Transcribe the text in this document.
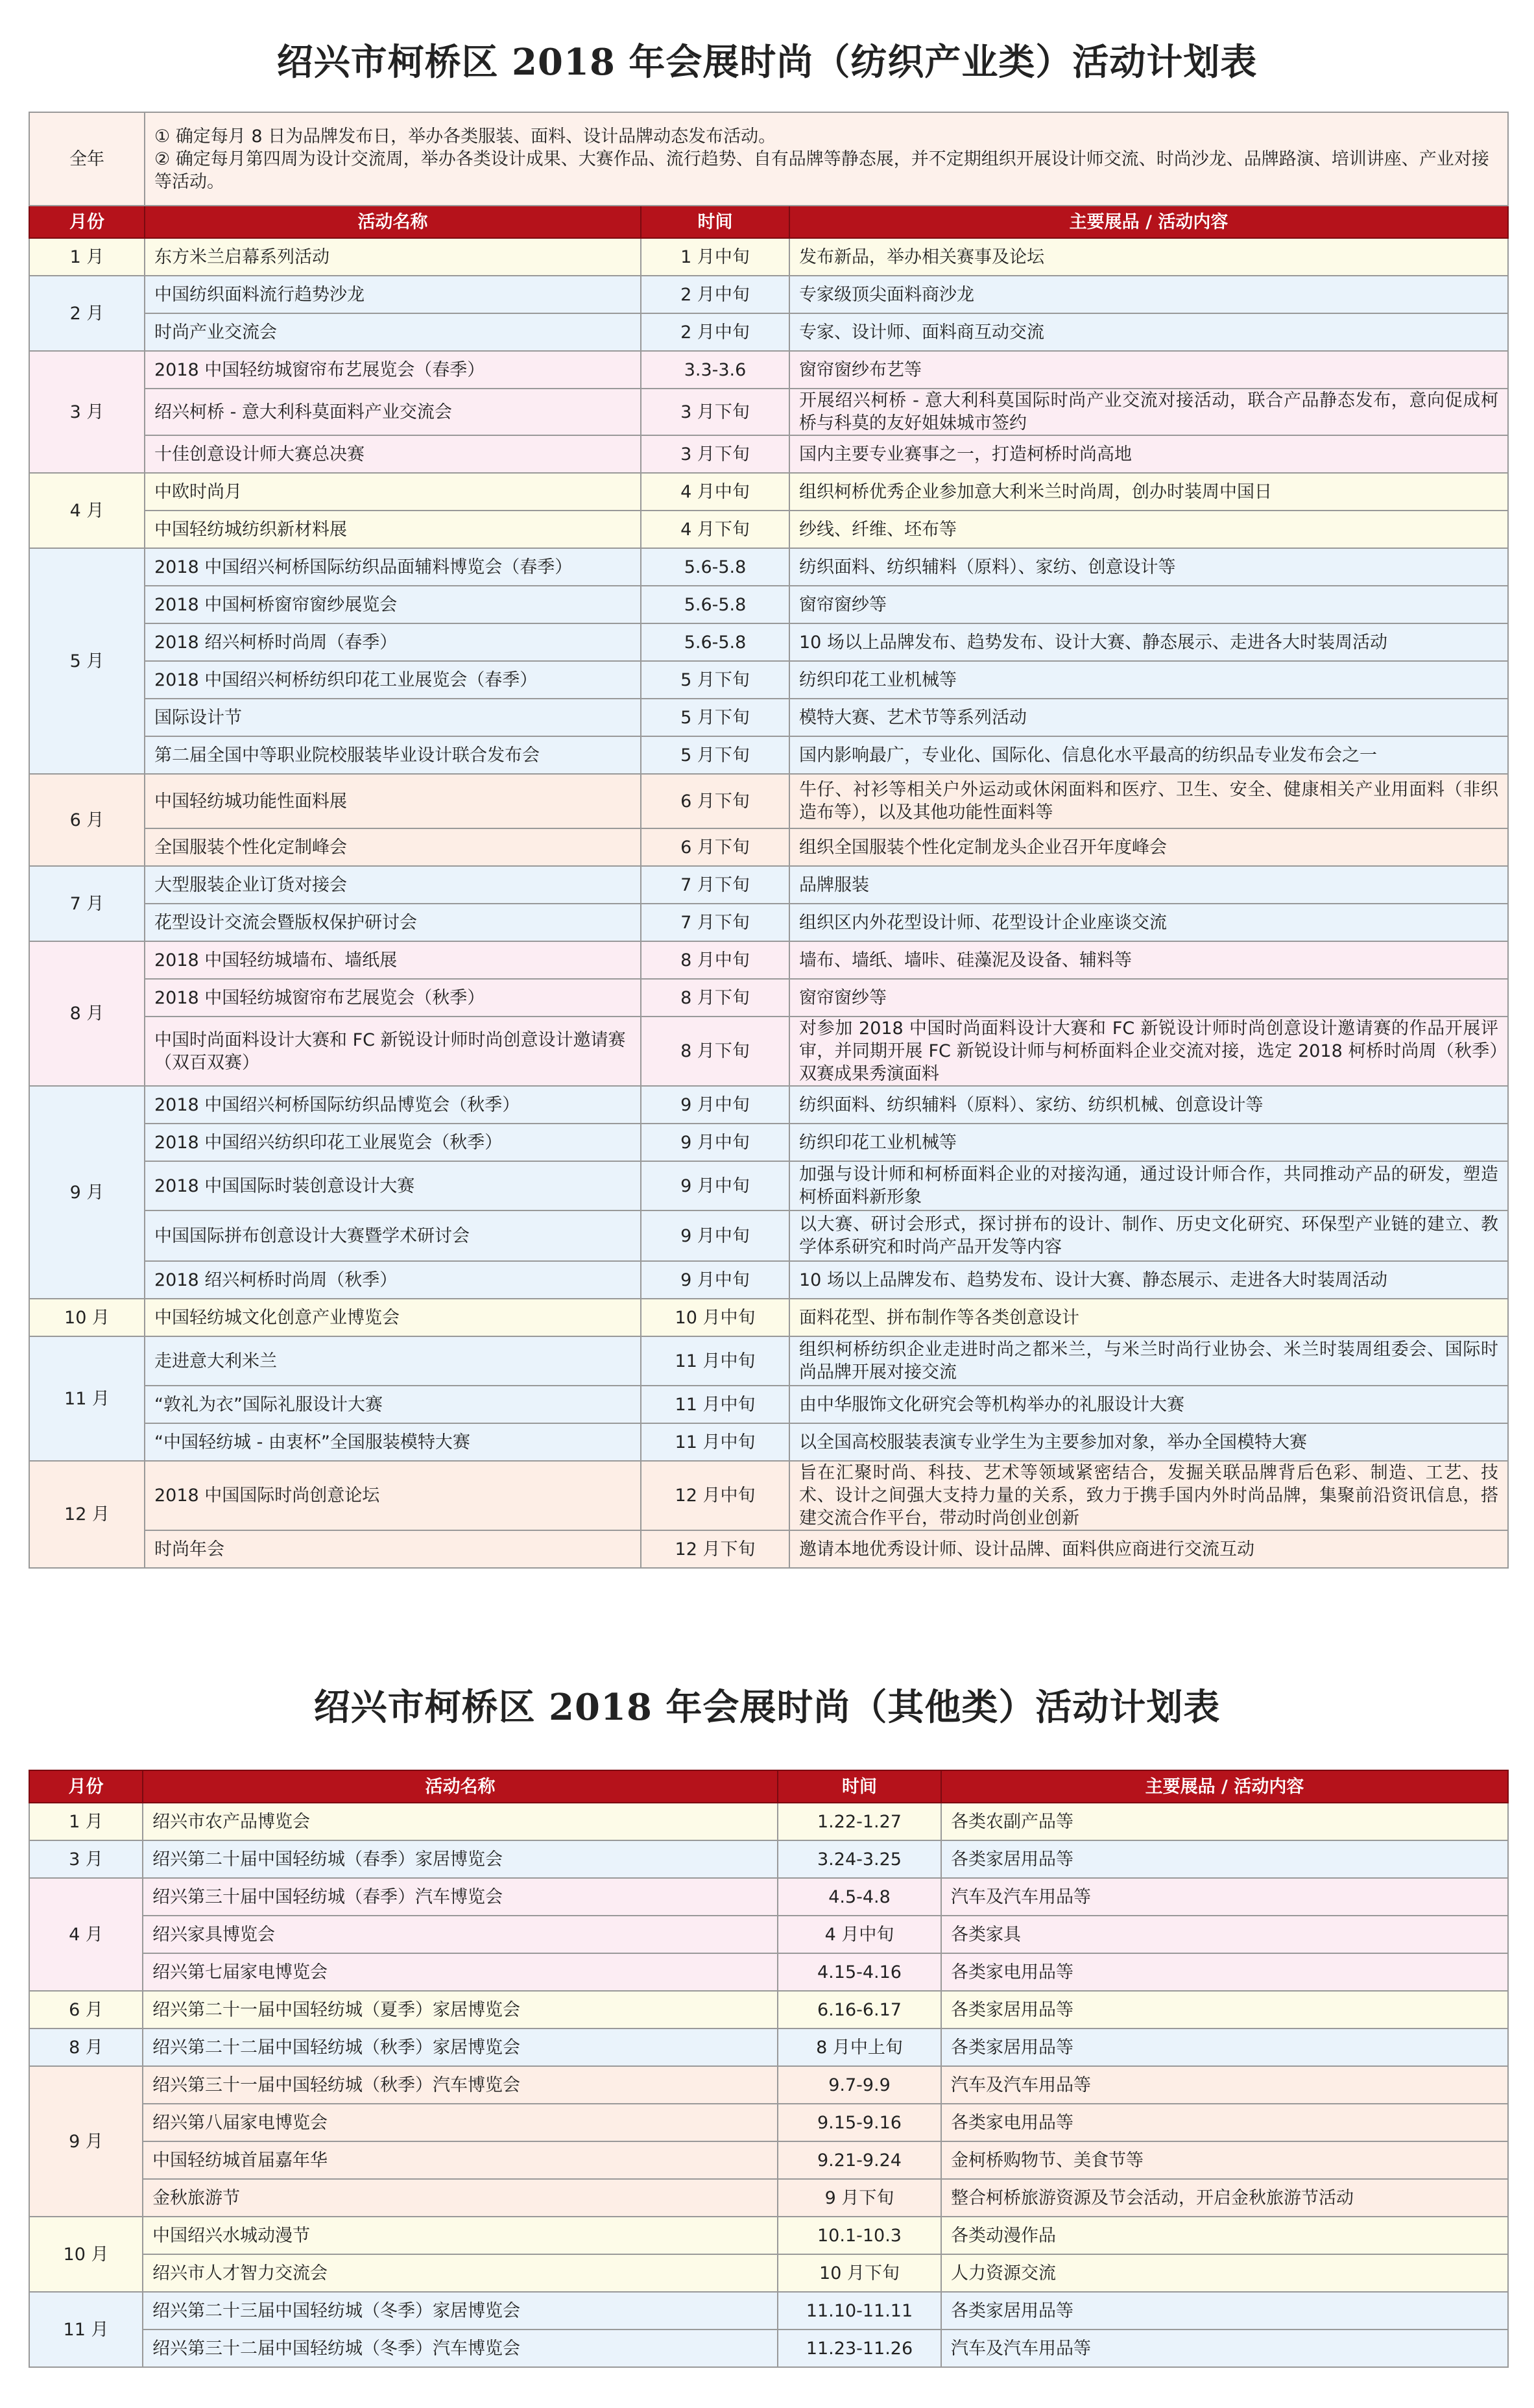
绍兴市柯桥区 2018 年会展时尚（纺织产业类）活动计划表
全年	① 确定每月 8 日为品牌发布日，举办各类服装、面料、设计品牌动态发布活动。
② 确定每月第四周为设计交流周，举办各类设计成果、大赛作品、流行趋势、自有品牌等静态展，并不定期组织开展设计师交流、时尚沙龙、品牌路演、培训讲座、产业对接等活动。		

月份	活动名称	时间	主要展品 / 活动内容
1 月	东方米兰启幕系列活动	1 月中旬	发布新品，举办相关赛事及论坛
2 月	中国纺织面料流行趋势沙龙	2 月中旬	专家级顶尖面料商沙龙
	时尚产业交流会	2 月中旬	专家、设计师、面料商互动交流
3 月	2018 中国轻纺城窗帘布艺展览会（春季）	3.3-3.6	窗帘窗纱布艺等
	绍兴柯桥 - 意大利科莫面料产业交流会	3 月下旬	开展绍兴柯桥 - 意大利科莫国际时尚产业交流对接活动，联合产品静态发布，意向促成柯桥与科莫的友好姐妹城市签约
	十佳创意设计师大赛总决赛	3 月下旬	国内主要专业赛事之一，打造柯桥时尚高地
4 月	中欧时尚月	4 月中旬	组织柯桥优秀企业参加意大利米兰时尚周，创办时装周中国日
	中国轻纺城纺织新材料展	4 月下旬	纱线、纤维、坯布等
5 月	2018 中国绍兴柯桥国际纺织品面辅料博览会（春季）	5.6-5.8	纺织面料、纺织辅料（原料）、家纺、创意设计等
	2018 中国柯桥窗帘窗纱展览会	5.6-5.8	窗帘窗纱等
	2018 绍兴柯桥时尚周（春季）	5.6-5.8	10 场以上品牌发布、趋势发布、设计大赛、静态展示、走进各大时装周活动
	2018 中国绍兴柯桥纺织印花工业展览会（春季）	5 月下旬	纺织印花工业机械等
	国际设计节	5 月下旬	模特大赛、艺术节等系列活动
	第二届全国中等职业院校服装毕业设计联合发布会	5 月下旬	国内影响最广，专业化、国际化、信息化水平最高的纺织品专业发布会之一
6 月	中国轻纺城功能性面料展	6 月下旬	牛仔、衬衫等相关户外运动或休闲面料和医疗、卫生、安全、健康相关产业用面料（非织造布等），以及其他功能性面料等
	全国服装个性化定制峰会	6 月下旬	组织全国服装个性化定制龙头企业召开年度峰会
7 月	大型服装企业订货对接会	7 月下旬	品牌服装
	花型设计交流会暨版权保护研讨会	7 月下旬	组织区内外花型设计师、花型设计企业座谈交流
8 月	2018 中国轻纺城墙布、墙纸展	8 月中旬	墙布、墙纸、墙咔、硅藻泥及设备、辅料等
	2018 中国轻纺城窗帘布艺展览会（秋季）	8 月下旬	窗帘窗纱等
	中国时尚面料设计大赛和 FC 新锐设计师时尚创意设计邀请赛（双百双赛）	8 月下旬	对参加 2018 中国时尚面料设计大赛和 FC 新锐设计师时尚创意设计邀请赛的作品开展评审，并同期开展 FC 新锐设计师与柯桥面料企业交流对接，选定 2018 柯桥时尚周（秋季）双赛成果秀演面料
9 月	2018 中国绍兴柯桥国际纺织品博览会（秋季）	9 月中旬	纺织面料、纺织辅料（原料）、家纺、纺织机械、创意设计等
	2018 中国绍兴纺织印花工业展览会（秋季）	9 月中旬	纺织印花工业机械等
	2018 中国国际时装创意设计大赛	9 月中旬	加强与设计师和柯桥面料企业的对接沟通，通过设计师合作，共同推动产品的研发，塑造柯桥面料新形象
	中国国际拼布创意设计大赛暨学术研讨会	9 月中旬	以大赛、研讨会形式，探讨拼布的设计、制作、历史文化研究、环保型产业链的建立、教学体系研究和时尚产品开发等内容
	2018 绍兴柯桥时尚周（秋季）	9 月中旬	10 场以上品牌发布、趋势发布、设计大赛、静态展示、走进各大时装周活动
10 月	中国轻纺城文化创意产业博览会	10 月中旬	面料花型、拼布制作等各类创意设计
11 月	走进意大利米兰	11 月中旬	组织柯桥纺织企业走进时尚之都米兰，与米兰时尚行业协会、米兰时装周组委会、国际时尚品牌开展对接交流
	“敦礼为衣”国际礼服设计大赛	11 月中旬	由中华服饰文化研究会等机构举办的礼服设计大赛
	“中国轻纺城 - 由衷杯”全国服装模特大赛	11 月中旬	以全国高校服装表演专业学生为主要参加对象，举办全国模特大赛
12 月	2018 中国国际时尚创意论坛	12 月中旬	旨在汇聚时尚、科技、艺术等领域紧密结合，发掘关联品牌背后色彩、制造、工艺、技术、设计之间强大支持力量的关系，致力于携手国内外时尚品牌，集聚前沿资讯信息，搭建交流合作平台，带动时尚创业创新
	时尚年会	12 月下旬	邀请本地优秀设计师、设计品牌、面料供应商进行交流互动
绍兴市柯桥区 2018 年会展时尚（其他类）活动计划表
月份	活动名称	时间	主要展品 / 活动内容
1 月	绍兴市农产品博览会	1.22-1.27	各类农副产品等
3 月	绍兴第二十届中国轻纺城（春季）家居博览会	3.24-3.25	各类家居用品等
4 月	绍兴第三十届中国轻纺城（春季）汽车博览会	4.5-4.8	汽车及汽车用品等
	绍兴家具博览会	4 月中旬	各类家具
	绍兴第七届家电博览会	4.15-4.16	各类家电用品等
6 月	绍兴第二十一届中国轻纺城（夏季）家居博览会	6.16-6.17	各类家居用品等
8 月	绍兴第二十二届中国轻纺城（秋季）家居博览会	8 月中上旬	各类家居用品等
9 月	绍兴第三十一届中国轻纺城（秋季）汽车博览会	9.7-9.9	汽车及汽车用品等
	绍兴第八届家电博览会	9.15-9.16	各类家电用品等
	中国轻纺城首届嘉年华	9.21-9.24	金柯桥购物节、美食节等
	金秋旅游节	9 月下旬	整合柯桥旅游资源及节会活动，开启金秋旅游节活动
10 月	中国绍兴水城动漫节	10.1-10.3	各类动漫作品
	绍兴市人才智力交流会	10 月下旬	人力资源交流
11 月	绍兴第二十三届中国轻纺城（冬季）家居博览会	11.10-11.11	各类家居用品等
	绍兴第三十二届中国轻纺城（冬季）汽车博览会	11.23-11.26	汽车及汽车用品等
